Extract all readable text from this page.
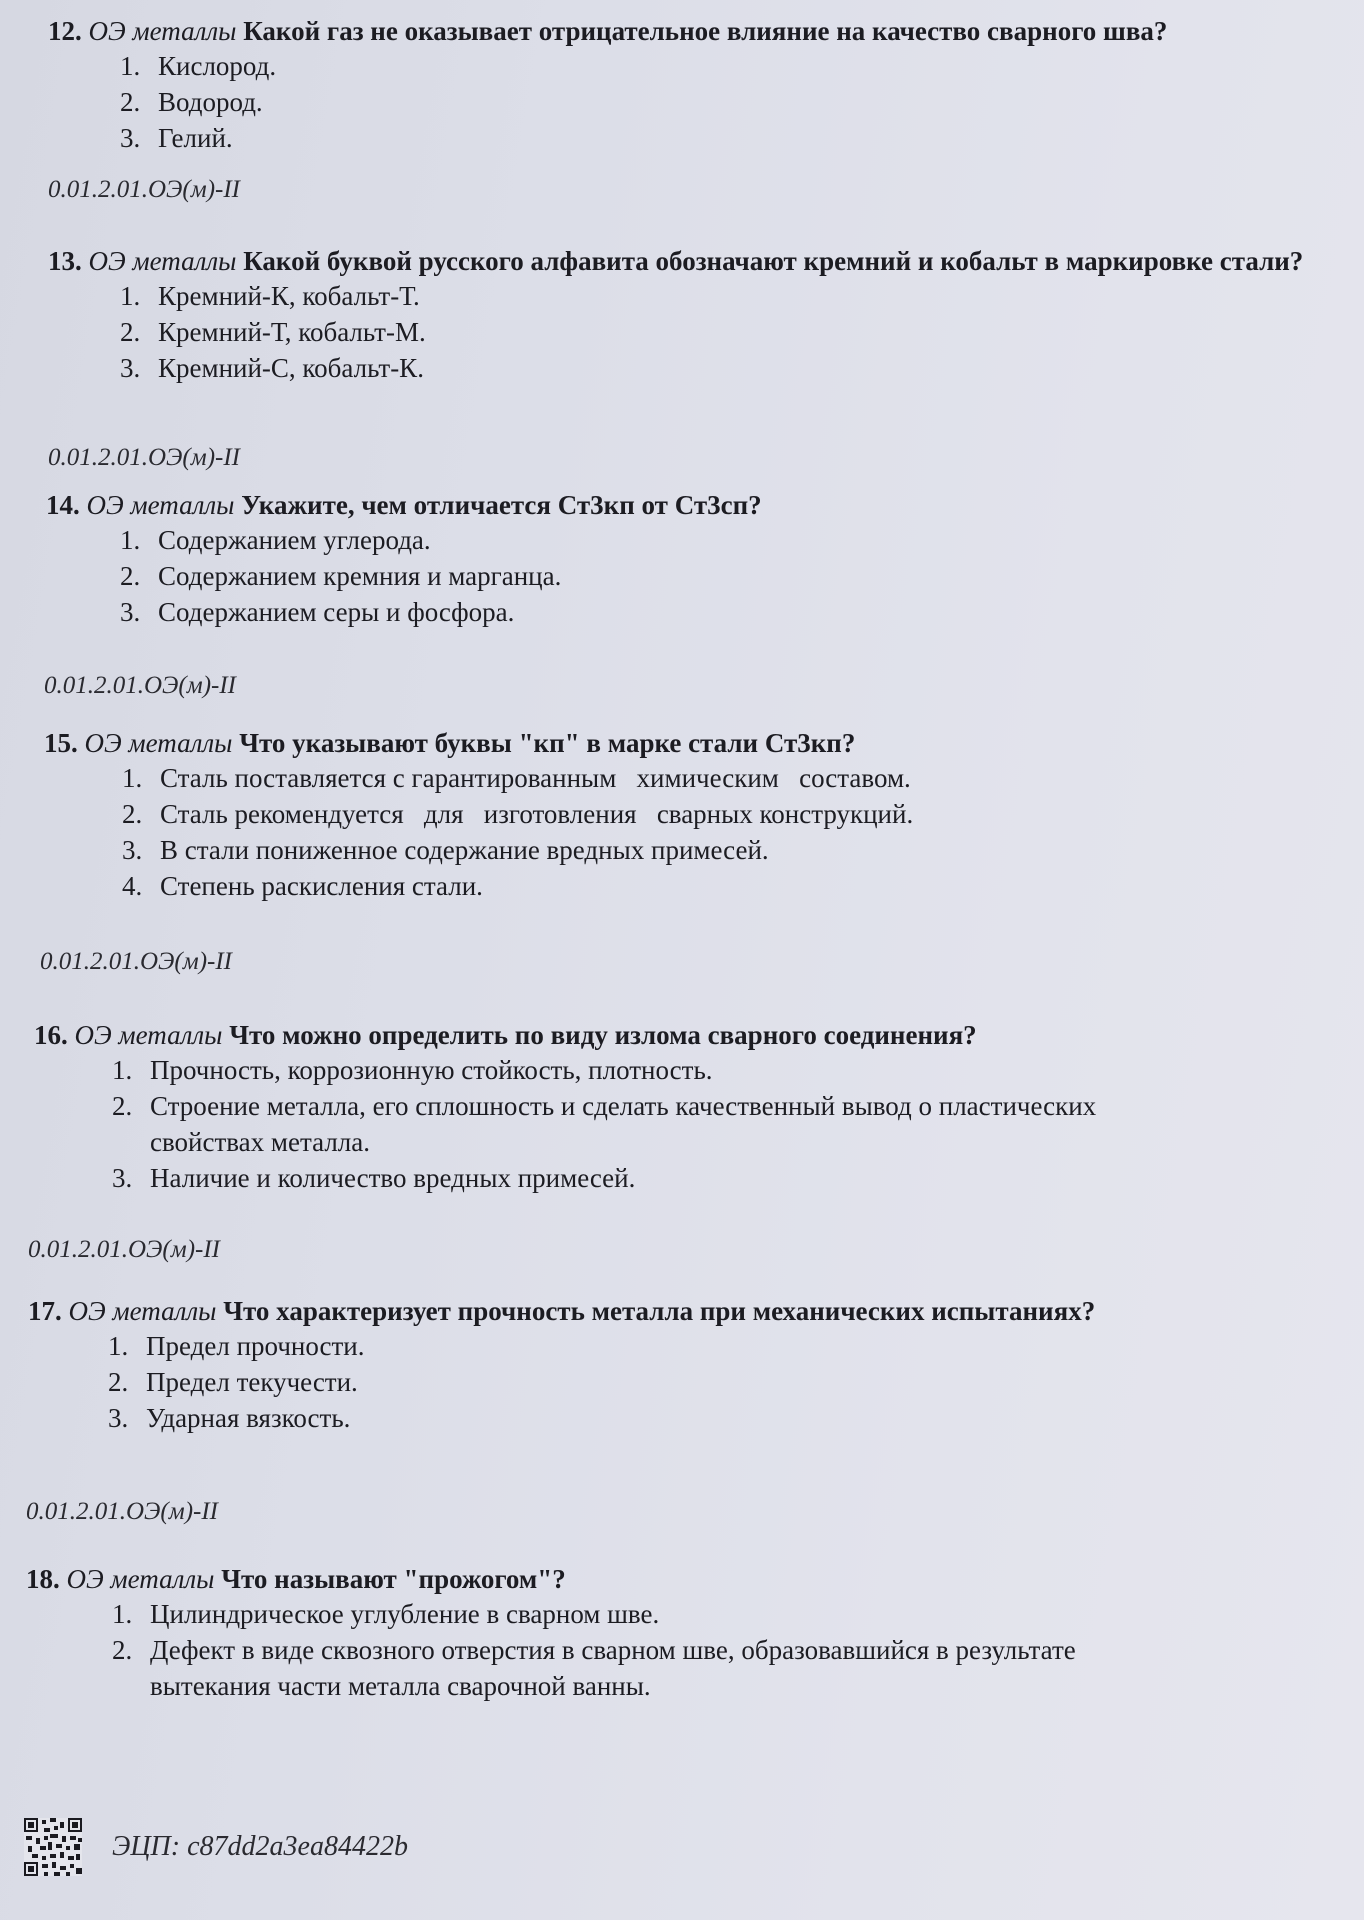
12. ОЭ металлы Какой газ не оказывает отрицательное влияние на качество сварного шва?

1. Кислород.
2. Водород.
3. Гелий.
0.01.2.01.ОЭ(м)-II

13. ОЭ металлы Какой буквой русского алфавита обозначают кремний и кобальт в маркировке стали?

1. Кремний-К, кобальт-Т.
2. Кремний-Т, кобальт-М.
3. Кремний-С, кобальт-К.
0.01.2.01.ОЭ(м)-II

14. ОЭ металлы Укажите, чем отличается Ст3кп от Ст3сп?

1. Содержанием углерода.
2. Содержанием кремния и марганца.
3. Содержанием серы и фосфора.
0.01.2.01.ОЭ(м)-II

15. ОЭ металлы Что указывают буквы "кп" в марке стали Ст3кп?

1. Сталь поставляется с гарантированным   химическим   составом.
2. Сталь рекомендуется   для   изготовления   сварных конструкций.
3. В стали пониженное содержание вредных примесей.
4. Степень раскисления стали.
0.01.2.01.ОЭ(м)-II

16. ОЭ металлы Что можно определить по виду излома сварного соединения?

1. Прочность, коррозионную стойкость, плотность.
2. Строение металла, его сплошность и сделать качественный вывод о пластических свойствах металла.
3. Наличие и количество вредных примесей.
0.01.2.01.ОЭ(м)-II

17. ОЭ металлы Что характеризует прочность металла при механических испытаниях?

1. Предел прочности.
2. Предел текучести.
3. Ударная вязкость.
0.01.2.01.ОЭ(м)-II

18. ОЭ металлы Что называют "прожогом"?

1. Цилиндрическое углубление в сварном шве.
2. Дефект в виде сквозного отверстия в сварном шве, образовавшийся в результате вытекания части металла сварочной ванны.
ЭЦП: c87dd2a3ea84422b
